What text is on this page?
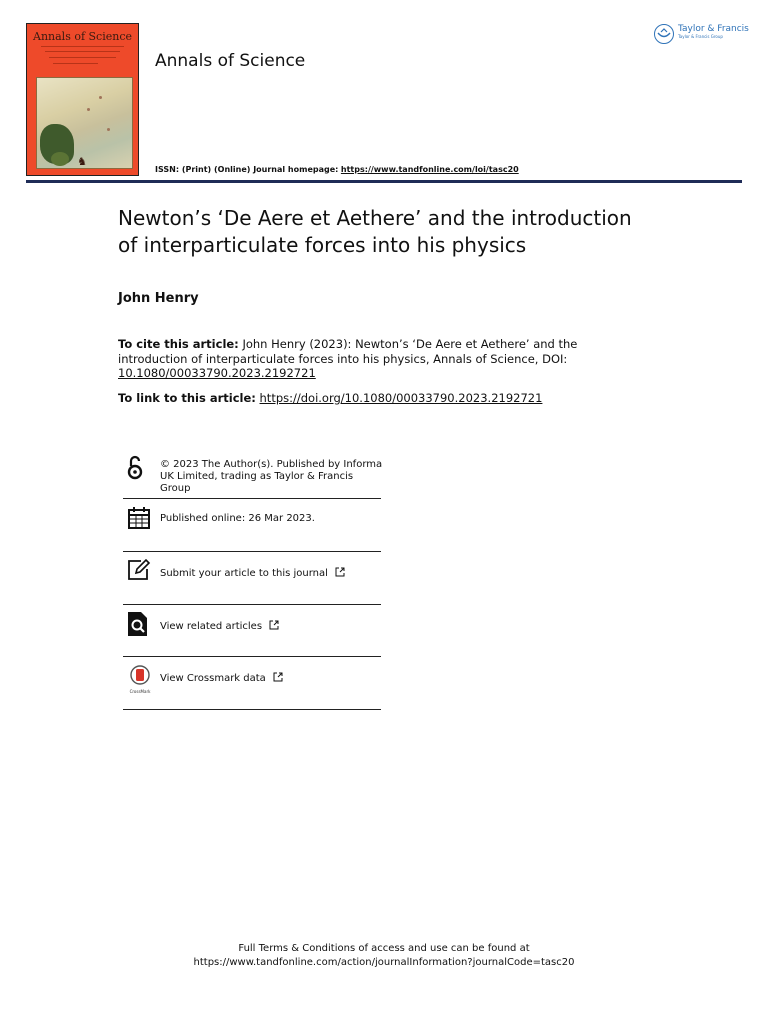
Annals of Science
♞
Annals of Science
Taylor & Francis
Taylor & Francis Group
ISSN: (Print) (Online) Journal homepage: https://www.tandfonline.com/loi/tasc20
Newton’s ‘De Aere et Aethere’ and the introduction
of interparticulate forces into his physics
John Henry
To cite this article: John Henry (2023): Newton’s ‘De Aere et Aethere’ and the introduction of interparticulate forces into his physics, Annals of Science, DOI:
10.1080/00033790.2023.2192721
To link to this article: https://doi.org/10.1080/00033790.2023.2192721
© 2023 The Author(s). Published by Informa UK Limited, trading as Taylor & Francis Group
Published online: 26 Mar 2023.
Submit your article to this journal
View related articles
CrossMark
View Crossmark data
Full Terms & Conditions of access and use can be found at
https://www.tandfonline.com/action/journalInformation?journalCode=tasc20
